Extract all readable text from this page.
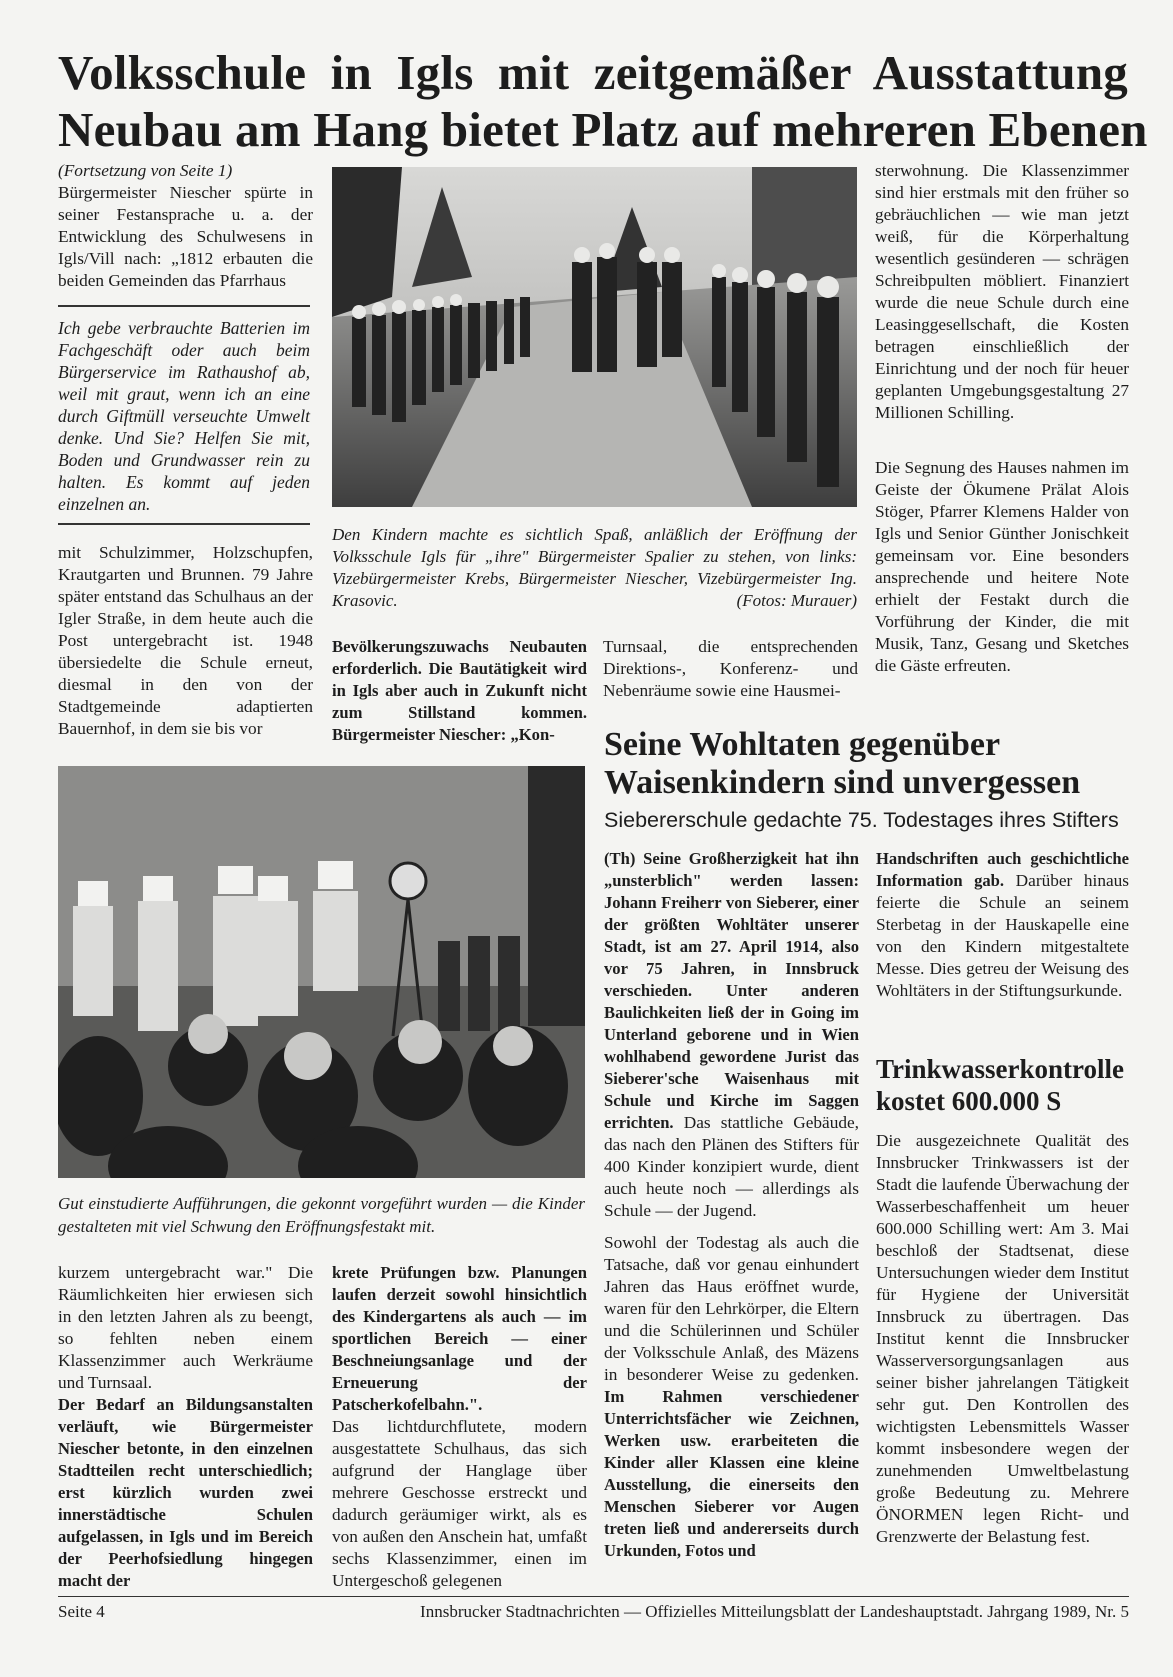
Volksschule in Igls mit zeitgemäßer Ausstattung
Neubau am Hang bietet Platz auf mehreren Ebenen

(Fortsetzung von Seite 1)

Bürgermeister Niescher spürte in seiner Festansprache u. a. der Entwicklung des Schulwesens in Igls/Vill nach: „1812 erbauten die beiden Gemeinden das Pfarrhaus

Ich gebe verbrauchte Batterien im Fachgeschäft oder auch beim Bürgerservice im Rathaushof ab, weil mit graut, wenn ich an eine durch Giftmüll verseuchte Umwelt denke. Und Sie? Helfen Sie mit, Boden und Grundwasser rein zu halten. Es kommt auf jeden einzelnen an.
mit Schulzimmer, Holzschupfen, Krautgarten und Brunnen. 79 Jahre später entstand das Schulhaus an der Igler Straße, in dem heute auch die Post untergebracht ist. 1948 übersiedelte die Schule erneut, diesmal in den von der Stadtgemeinde adaptierten Bauernhof, in dem sie bis vor
Den Kindern machte es sichtlich Spaß, anläßlich der Eröffnung der Volksschule Igls für „ihre" Bürgermeister Spalier zu stehen, von links: Vizebürgermeister Krebs, Bürgermeister Niescher, Vizebürgermeister Ing. Krasovic.	(Fotos: Murauer)
Bevölkerungszuwachs Neubauten erforderlich. Die Bautätigkeit wird in Igls aber auch in Zukunft nicht zum Stillstand kommen. Bürgermeister Niescher: „Kon-
Turnsaal, die entsprechenden Direktions-, Konferenz- und Nebenräume sowie eine Hausmei-
sterwohnung. Die Klassenzimmer sind hier erstmals mit den früher so gebräuchlichen — wie man jetzt weiß, für die Körperhaltung wesentlich gesünderen — schrägen Schreibpulten möbliert. Finanziert wurde die neue Schule durch eine Leasinggesellschaft, die Kosten betragen einschließlich der Einrichtung und der noch für heuer geplanten Umgebungsgestaltung 27 Millionen Schilling.
Die Segnung des Hauses nahmen im Geiste der Ökumene Prälat Alois Stöger, Pfarrer Klemens Halder von Igls und Senior Günther Jonischkeit gemeinsam vor. Eine besonders ansprechende und heitere Note erhielt der Festakt durch die Vorführung der Kinder, die mit Musik, Tanz, Gesang und Sketches die Gäste erfreuten.
Gut einstudierte Aufführungen, die gekonnt vorgeführt wurden — die Kinder gestalteten mit viel Schwung den Eröffnungsfestakt mit.

kurzem untergebracht war." Die Räumlichkeiten hier erwiesen sich in den letzten Jahren als zu beengt, so fehlten neben einem Klassenzimmer auch Werkräume und Turnsaal.

Der Bedarf an Bildungsanstalten verläuft, wie Bürgermeister Niescher betonte, in den einzelnen Stadtteilen recht unterschiedlich; erst kürzlich wurden zwei innerstädtische Schulen aufgelassen, in Igls und im Bereich der Peerhofsiedlung hingegen macht der

krete Prüfungen bzw. Planungen laufen derzeit sowohl hinsichtlich des Kindergartens als auch — im sportlichen Bereich — einer Beschneiungsanlage und der Erneuerung der Patscherkofelbahn.".

Das lichtdurchflutete, modern ausgestattete Schulhaus, das sich aufgrund der Hanglage über mehrere Geschosse erstreckt und dadurch geräumiger wirkt, als es von außen den Anschein hat, umfaßt sechs Klassenzimmer, einen im Untergeschoß gelegenen

Seine Wohltaten gegenüber Waisenkindern sind unvergessen
Siebererschule gedachte 75. Todestages ihres Stifters

(Th) Seine Großherzigkeit hat ihn „unsterblich" werden lassen: Johann Freiherr von Sieberer, einer der größten Wohltäter unserer Stadt, ist am 27. April 1914, also vor 75 Jahren, in Innsbruck verschieden. Unter anderen Baulichkeiten ließ der in Going im Unterland geborene und in Wien wohlhabend gewordene Jurist das Sieberer'sche Waisenhaus mit Schule und Kirche im Saggen errichten. Das stattliche Gebäude, das nach den Plänen des Stifters für 400 Kinder konzipiert wurde, dient auch heute noch — allerdings als Schule — der Jugend.

Sowohl der Todestag als auch die Tatsache, daß vor genau einhundert Jahren das Haus eröffnet wurde, waren für den Lehrkörper, die Eltern und die Schülerinnen und Schüler der Volksschule Anlaß, des Mäzens in besonderer Weise zu gedenken. Im Rahmen verschiedener Unterrichtsfächer wie Zeichnen, Werken usw. erarbeiteten die Kinder aller Klassen eine kleine Ausstellung, die einerseits den Menschen Sieberer vor Augen treten ließ und andererseits durch Urkunden, Fotos und

Handschriften auch geschichtliche Information gab. Darüber hinaus feierte die Schule an seinem Sterbetag in der Hauskapelle eine von den Kindern mitgestaltete Messe. Dies getreu der Weisung des Wohltäters in der Stiftungsurkunde.

Trinkwasserkontrolle kostet 600.000 S
Die ausgezeichnete Qualität des Innsbrucker Trinkwassers ist der Stadt die laufende Überwachung der Wasserbeschaffenheit um heuer 600.000 Schilling wert: Am 3. Mai beschloß der Stadtsenat, diese Untersuchungen wieder dem Institut für Hygiene der Universität Innsbruck zu übertragen. Das Institut kennt die Innsbrucker Wasserversorgungsanlagen aus seiner bisher jahrelangen Tätigkeit sehr gut. Den Kontrollen des wichtigsten Lebensmittels Wasser kommt insbesondere wegen der zunehmenden Umweltbelastung große Bedeutung zu. Mehrere ÖNORMEN legen Richt- und Grenzwerte der Belastung fest.
Seite 4	Innsbrucker Stadtnachrichten — Offizielles Mitteilungsblatt der Landeshauptstadt. Jahrgang 1989, Nr. 5
